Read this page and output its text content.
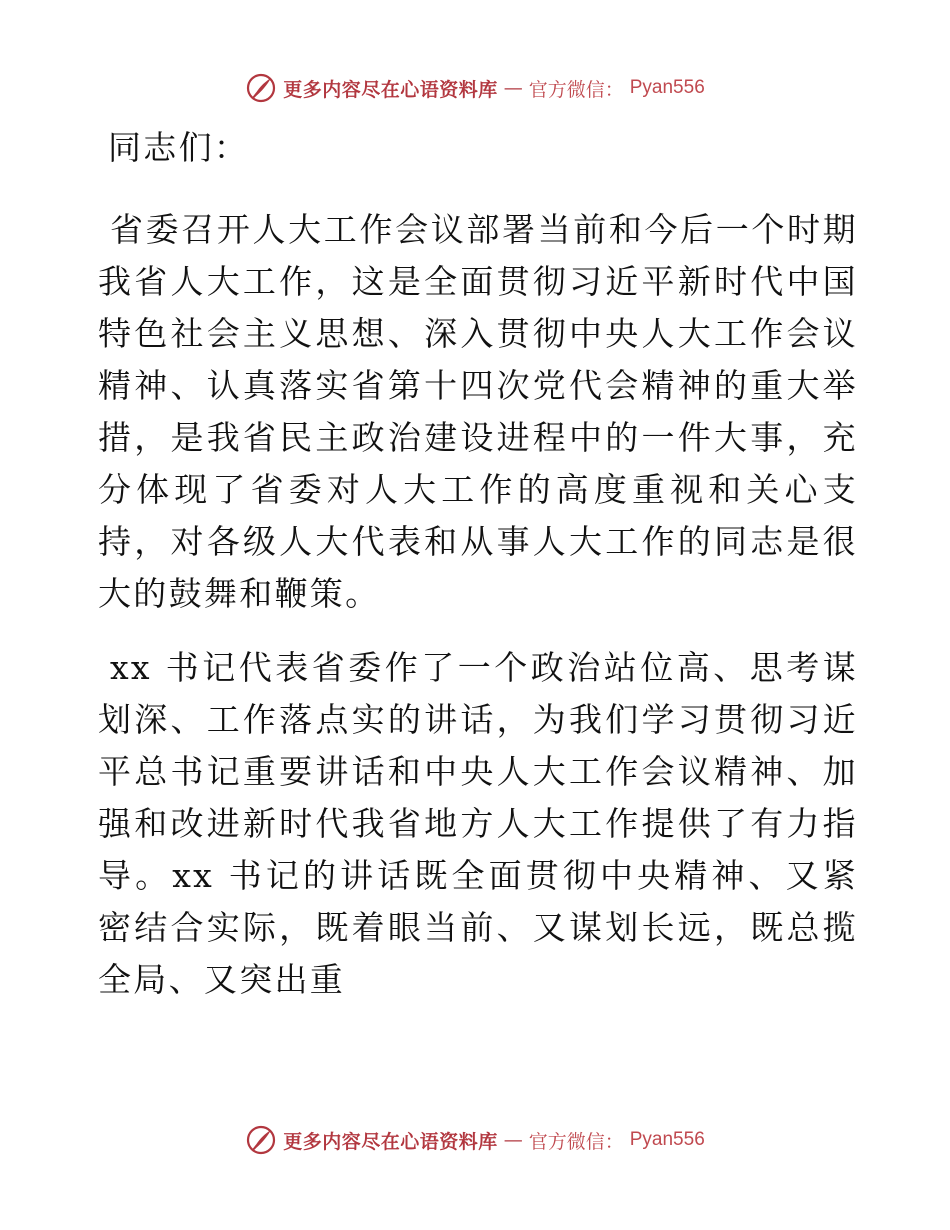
更多内容尽在心语资料库 — 官方微信： Pyan556

同志们：

省委召开人大工作会议部署当前和今后一个时期我省人大工作，这是全面贯彻习近平新时代中国特色社会主义思想、深入贯彻中央人大工作会议精神、认真落实省第十四次党代会精神的重大举措，是我省民主政治建设进程中的一件大事，充分体现了省委对人大工作的高度重视和关心支持，对各级人大代表和从事人大工作的同志是很大的鼓舞和鞭策。

xx 书记代表省委作了一个政治站位高、思考谋划深、工作落点实的讲话，为我们学习贯彻习近平总书记重要讲话和中央人大工作会议精神、加强和改进新时代我省地方人大工作提供了有力指导。xx 书记的讲话既全面贯彻中央精神、又紧密结合实际，既着眼当前、又谋划长远，既总揽全局、又突出重

更多内容尽在心语资料库 — 官方微信： Pyan556
